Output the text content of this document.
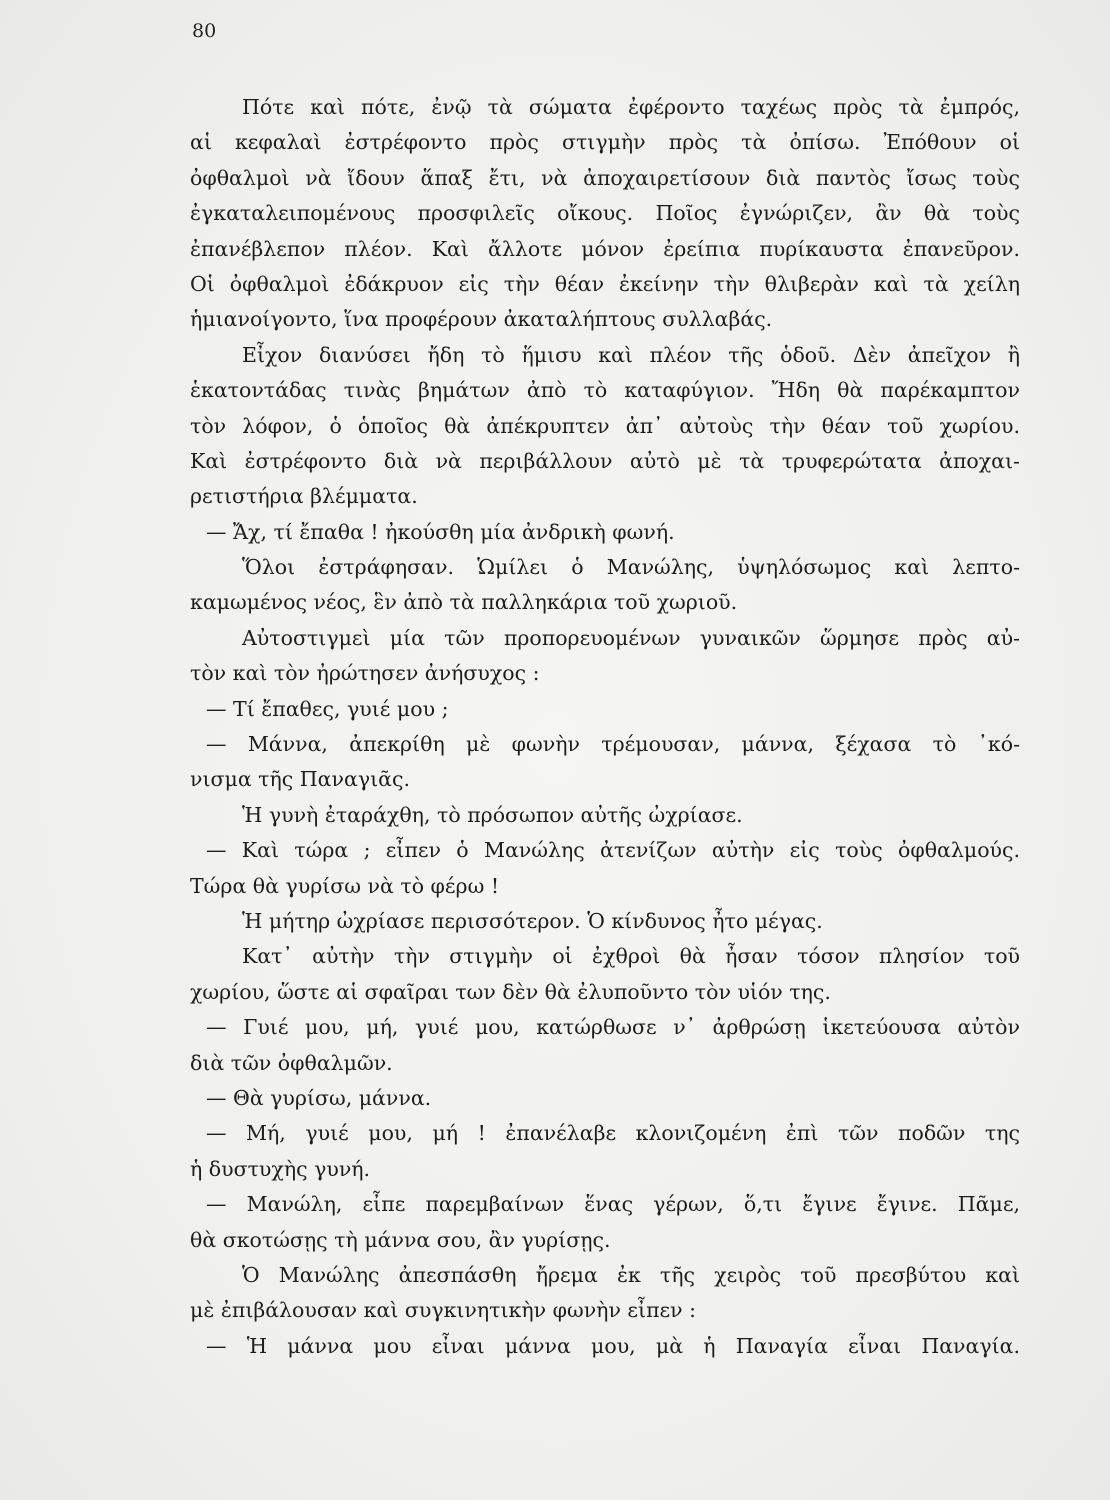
80
Πότε καὶ πότε, ἐνῷ τὰ σώματα ἐφέροντο ταχέως πρὸς τὰ ἐμπρός,
αἱ κεφαλαὶ ἐστρέφοντο πρὸς στιγμὴν πρὸς τὰ ὀπίσω. Ἐπόθουν οἱ
ὀφθαλμοὶ νὰ ἴδουν ἅπαξ ἔτι, νὰ ἀποχαιρετίσουν διὰ παντὸς ἴσως τοὺς
ἐγκαταλειπομένους προσφιλεῖς οἴκους. Ποῖος ἐγνώριζεν, ἂν θὰ τοὺς
ἐπανέβλεπον πλέον. Καὶ ἄλλοτε μόνον ἐρείπια πυρίκαυστα ἐπανεῦρον.
Οἱ ὀφθαλμοὶ ἐδάκρυον εἰς τὴν θέαν ἐκείνην τὴν θλιβερὰν καὶ τὰ χείλη
ἡμιανοίγοντο, ἵνα προφέρουν ἀκαταλήπτους συλλαβάς.
Εἶχον διανύσει ἤδη τὸ ἥμισυ καὶ πλέον τῆς ὁδοῦ. Δὲν ἀπεῖχον ἢ
ἑκατοντάδας τινὰς βημάτων ἀπὸ τὸ καταφύγιον. Ἤδη θὰ παρέκαμπτον
τὸν λόφον, ὁ ὁποῖος θὰ ἀπέκρυπτεν ἀπ᾿ αὐτοὺς τὴν θέαν τοῦ χωρίου.
Καὶ ἐστρέφοντο διὰ νὰ περιβάλλουν αὐτὸ μὲ τὰ τρυφερώτατα ἀποχαι-
ρετιστήρια βλέμματα.
— Ἄχ, τί ἔπαθα ! ἠκούσθη μία ἀνδρικὴ φωνή.
Ὅλοι ἐστράφησαν. Ὡμίλει ὁ Μανώλης, ὑψηλόσωμος καὶ λεπτο-
καμωμένος νέος, ἓν ἀπὸ τὰ παλληκάρια τοῦ χωριοῦ.
Αὐτοστιγμεὶ μία τῶν προπορευομένων γυναικῶν ὥρμησε πρὸς αὐ-
τὸν καὶ τὸν ἠρώτησεν ἀνήσυχος :
— Τί ἔπαθες, γυιέ μου ;
— Μάννα, ἀπεκρίθη μὲ φωνὴν τρέμουσαν, μάννα, ξέχασα τὸ ᾿κό-
νισμα τῆς Παναγιᾶς.
Ἡ γυνὴ ἐταράχθη, τὸ πρόσωπον αὐτῆς ὠχρίασε.
— Καὶ τώρα ; εἶπεν ὁ Μανώλης ἀτενίζων αὐτὴν εἰς τοὺς ὀφθαλμούς.
Τώρα θὰ γυρίσω νὰ τὸ φέρω !
Ἡ μήτηρ ὠχρίασε περισσότερον. Ὁ κίνδυνος ἦτο μέγας.
Κατ᾿ αὐτὴν τὴν στιγμὴν οἱ ἐχθροὶ θὰ ἦσαν τόσον πλησίον τοῦ
χωρίου, ὥστε αἱ σφαῖραι των δὲν θὰ ἐλυποῦντο τὸν υἱόν της.
— Γυιέ μου, μή, γυιέ μου, κατώρθωσε ν᾿ ἀρθρώσῃ ἱκετεύουσα αὐτὸν
διὰ τῶν ὀφθαλμῶν.
— Θὰ γυρίσω, μάννα.
— Μή, γυιέ μου, μή ! ἐπανέλαβε κλονιζομένη ἐπὶ τῶν ποδῶν της
ἡ δυστυχὴς γυνή.
— Μανώλη, εἶπε παρεμβαίνων ἕνας γέρων, ὅ,τι ἔγινε ἔγινε. Πᾶμε,
θὰ σκοτώσῃς τὴ μάννα σου, ἂν γυρίσῃς.
Ὁ Μανώλης ἀπεσπάσθη ἤρεμα ἐκ τῆς χειρὸς τοῦ πρεσβύτου καὶ
μὲ ἐπιβάλουσαν καὶ συγκινητικὴν φωνὴν εἶπεν :
— Ἡ μάννα μου εἶναι μάννα μου, μὰ ἡ Παναγία εἶναι Παναγία.
